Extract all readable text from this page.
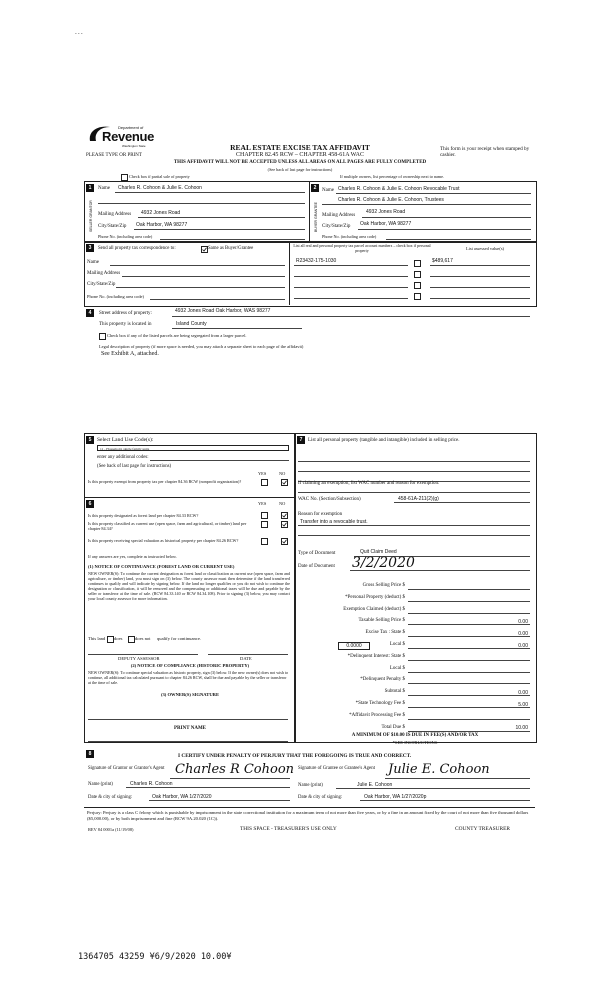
- - -
Department of
Revenue
Washington State
PLEASE TYPE OR PRINT
REAL ESTATE EXCISE TAX AFFIDAVIT
CHAPTER 82.45 RCW – CHAPTER 458-61A WAC
THIS AFFIDAVIT WILL NOT BE ACCEPTED UNLESS ALL AREAS ON ALL PAGES ARE FULLY COMPLETED
(See back of last page for instructions)
This form is your receipt when stamped by cashier.
Check box if partial sale of property	If multiple owners, list percentage of ownership next to name.
1
SELLER GRANTOR
Name Charles R. Cohoon & Julie E. Cohoon
Mailing Address 4932 Jones Road
City/State/Zip Oak Harbor, WA 98277
Phone No. (including area code)
2
BUYER GRANTEE
Name Charles R. Cohoon & Julie E. Cohoon Revocable Trust
Charles R. Cohoon & Julie E. Cohoon, Trustees
Mailing Address
4932 Jones Road
City/State/Zip Oak Harbor, WA 98277
Phone No. (including area code)
3	Send all property tax correspondence to:	Same as Buyer/Grantee
Name
Mailing Address
City/State/Zip
Phone No. (including area code)
List all real and personal property tax parcel account numbers – check box if personal property	List assessed value(s)
R23432-175-1030	$489,617
4	Street address of property:	4932 Jones Road Oak Harbor, WAS 98277
This property is located in	Island County
Check box if any of the listed parcels are being segregated from a larger parcel.
Legal description of property (if more space is needed, you may attach a separate sheet to each page of the affidavit)
See Exhibit A, attached.
5	Select Land Use Code(s):
11 - Household, single family units
enter any additional codes:
(See back of last page for instructions)
YES	NO
Is this property exempt from property tax per chapter 84.36 RCW (nonprofit organization)?
6	YES	NO
Is this property designated as forest land per chapter 84.33 RCW?
Is this property classified as current use (open space, farm and agricultural, or timber) land per chapter 84.34?
Is this property receiving special valuation as historical property per chapter 84.26 RCW?
If any answers are yes, complete as instructed below.
(1) NOTICE OF CONTINUANCE (FOREST LAND OR CURRENT USE)
NEW OWNER(S): To continue the current designation as forest land or classification as current use (open space, farm and agriculture, or timber) land, you must sign on (3) below. The county assessor must then determine if the land transferred continues to qualify and will indicate by signing below. If the land no longer qualifies or you do not wish to continue the designation or classification, it will be removed and the compensating or additional taxes will be due and payable by the seller or transferor at the time of sale. (RCW 84.33.140 or RCW 84.34.108). Prior to signing (3) below, you may contact your local county assessor for more information.
This land does	does not qualify for continuance.
DEPUTY ASSESSOR	DATE
(2) NOTICE OF COMPLIANCE (HISTORIC PROPERTY)
NEW OWNER(S): To continue special valuation as historic property, sign (3) below. If the new owner(s) does not wish to continue, all additional tax calculated pursuant to chapter 84.26 RCW, shall be due and payable by the seller or transferor at the time of sale.
(3) OWNER(S) SIGNATURE
PRINT NAME
7	List all personal property (tangible and intangible) included in selling price.
If claiming an exemption, list WAC number and reason for exemption:
WAC No. (Section/Subsection)	458-61A-211(2)(g)
Reason for exemption
Transfer into a revocable trust.
Type of Document	Quit Claim Deed
Date of Document 3/2/2020
Gross Selling Price $
*Personal Property (deduct) $
Exemption Claimed (deduct) $
Taxable Selling Price $	0.00
Excise Tax : State $	0.00
Local $	0.00
0.0000
*Delinquent Interest: State $
Local $
*Delinquent Penalty $
Subtotal $	0.00
*State Technology Fee $	5.00
*Affidavit Processing Fee $
Total Due $	10.00
A MINIMUM OF $10.00 IS DUE IN FEE(S) AND/OR TAX
*SEE INSTRUCTIONS
8	I CERTIFY UNDER PENALTY OF PERJURY THAT THE FOREGOING IS TRUE AND CORRECT.
Signature of Grantor or Grantor's Agent Charles R Cohoon
Name (print)	Charles R. Cohoon
Date & city of signing:	Oak Harbor, WA 1/27/2020
Signature of Grantee or Grantee's Agent	Julie E. Cohoon
Name (print)	Julie E. Cohoon
Date & city of signing:	Oak Harbor, WA 1/27/2020p
Perjury: Perjury is a class C felony which is punishable by imprisonment in the state correctional institution for a maximum term of not more than five years, or by a fine in an amount fixed by the court of not more than five thousand dollars ($5,000.00), or by both imprisonment and fine (RCW 9A.20.020 (1C)).
REV 84 0001a (11/19/08)	THIS SPACE - TREASURER'S USE ONLY	COUNTY TREASURER
1364705 43259 ¥6/9/2020 10.00¥
